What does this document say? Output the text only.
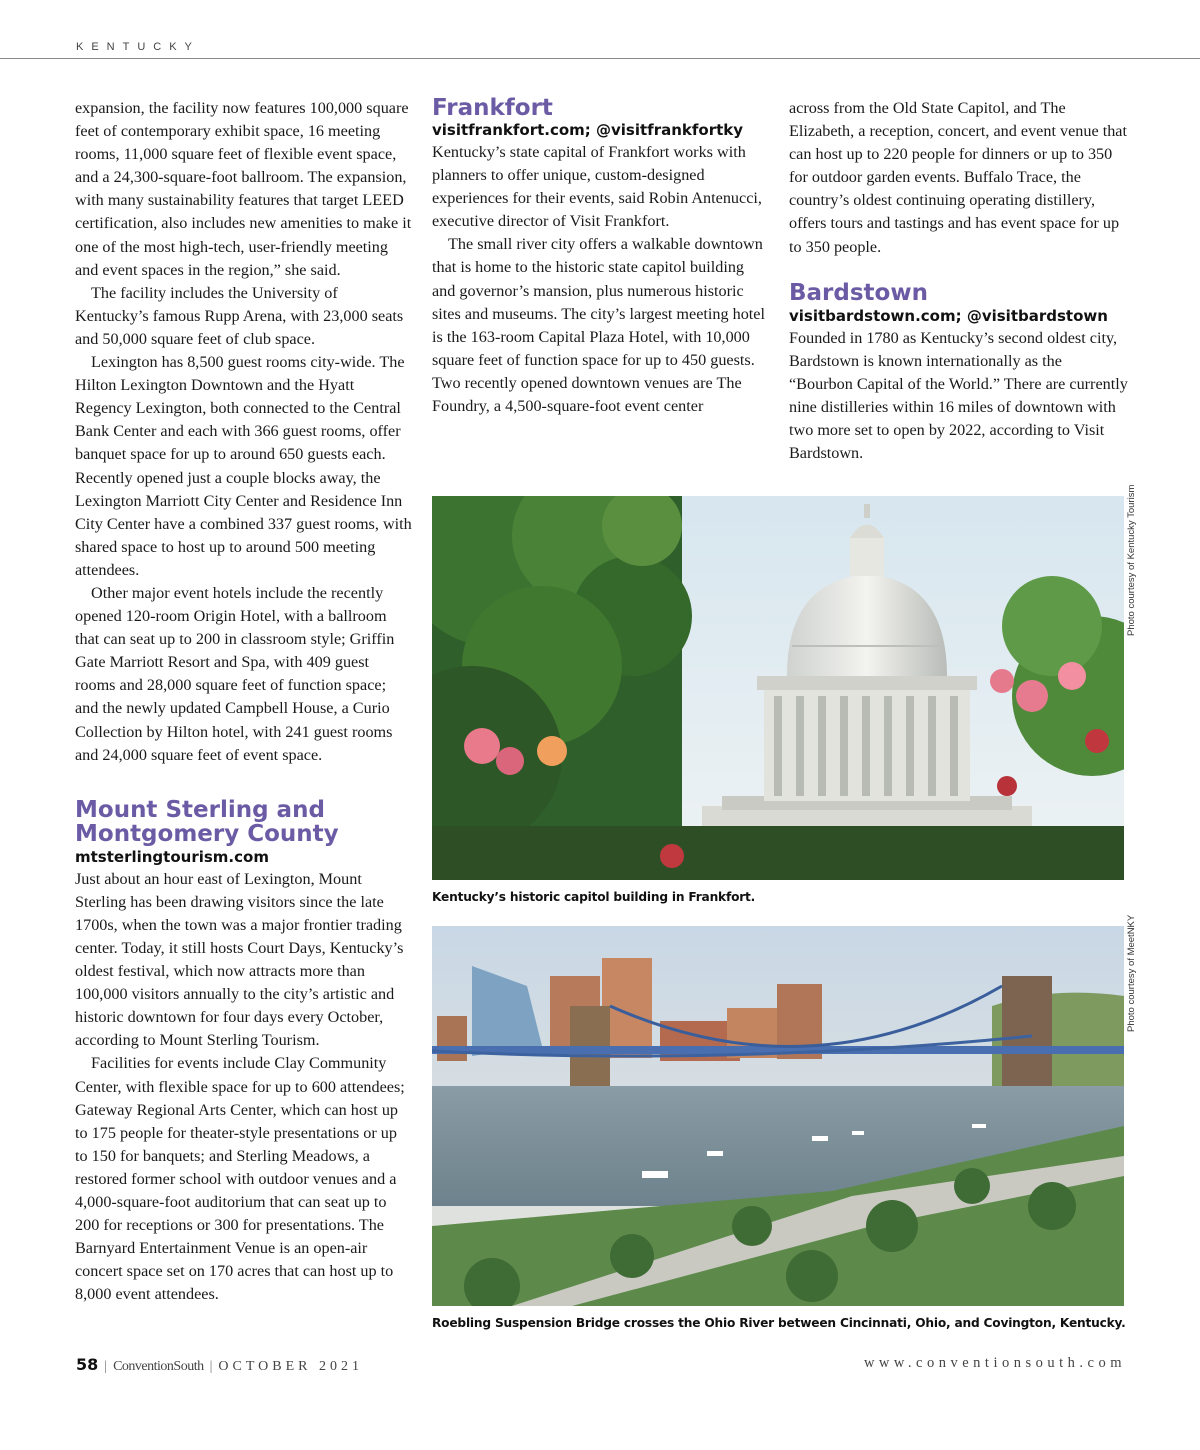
KENTUCKY

expansion, the facility now features 100,000 square feet of contemporary exhibit space, 16 meeting rooms, 11,000 square feet of flexible event space, and a 24,300-square-foot ballroom. The expansion, with many sustainability features that target LEED certification, also includes new amenities to make it one of the most high-tech, user-friendly meeting and event spaces in the region,” she said.

The facility includes the University of Kentucky’s famous Rupp Arena, with 23,000 seats and 50,000 square feet of club space.

Lexington has 8,500 guest rooms city-wide. The Hilton Lexington Downtown and the Hyatt Regency Lexington, both connected to the Central Bank Center and each with 366 guest rooms, offer banquet space for up to around 650 guests each. Recently opened just a couple blocks away, the Lexington Marriott City Center and Residence Inn City Center have a combined 337 guest rooms, with shared space to host up to around 500 meeting attendees.

Other major event hotels include the recently opened 120-room Origin Hotel, with a ballroom that can seat up to 200 in classroom style; Griffin Gate Marriott Resort and Spa, with 409 guest rooms and 28,000 square feet of function space; and the newly updated Campbell House, a Curio Collection by Hilton hotel, with 241 guest rooms and 24,000 square feet of event space.

Mount Sterling and
Montgomery County

mtsterlingtourism.com

Just about an hour east of Lexington, Mount Sterling has been drawing visitors since the late 1700s, when the town was a major frontier trading center. Today, it still hosts Court Days, Kentucky’s oldest festival, which now attracts more than 100,000 visitors annually to the city’s artistic and historic downtown for four days every October, according to Mount Sterling Tourism.

Facilities for events include Clay Community Center, with flexible space for up to 600 attendees; Gateway Regional Arts Center, which can host up to 175 people for theater-style presentations or up to 150 for banquets; and Sterling Meadows, a restored former school with outdoor venues and a 4,000-square-foot auditorium that can seat up to 200 for receptions or 300 for presentations. The Barnyard Entertainment Venue is an open-air concert space set on 170 acres that can host up to 8,000 event attendees.

Frankfort

visitfrankfort.com; @visitfrankfortky

Kentucky’s state capital of Frankfort works with planners to offer unique, custom-designed experiences for their events, said Robin Antenucci, executive director of Visit Frankfort.

The small river city offers a walkable downtown that is home to the historic state capitol building and governor’s mansion, plus numerous historic sites and museums. The city’s largest meeting hotel is the 163-room Capital Plaza Hotel, with 10,000 square feet of function space for up to 450 guests. Two recently opened downtown venues are The Foundry, a 4,500-square-foot event center

across from the Old State Capitol, and The Elizabeth, a reception, concert, and event venue that can host up to 220 people for dinners or up to 350 for outdoor garden events. Buffalo Trace, the country’s oldest continuing operating distillery, offers tours and tastings and has event space for up to 350 people.

Bardstown

visitbardstown.com; @visitbardstown

Founded in 1780 as Kentucky’s second oldest city, Bardstown is known internationally as the “Bourbon Capital of the World.” There are currently nine distilleries within 16 miles of downtown with two more set to open by 2022, according to Visit Bardstown.

Kentucky’s historic capitol building in Frankfort.
Photo courtesy of Kentucky Tourism
Roebling Suspension Bridge crosses the Ohio River between Cincinnati, Ohio, and Covington, Kentucky.
Photo courtesy of MeetNKY
58 | ConventionSouth | OCTOBER 2021	www.conventionsouth.com
